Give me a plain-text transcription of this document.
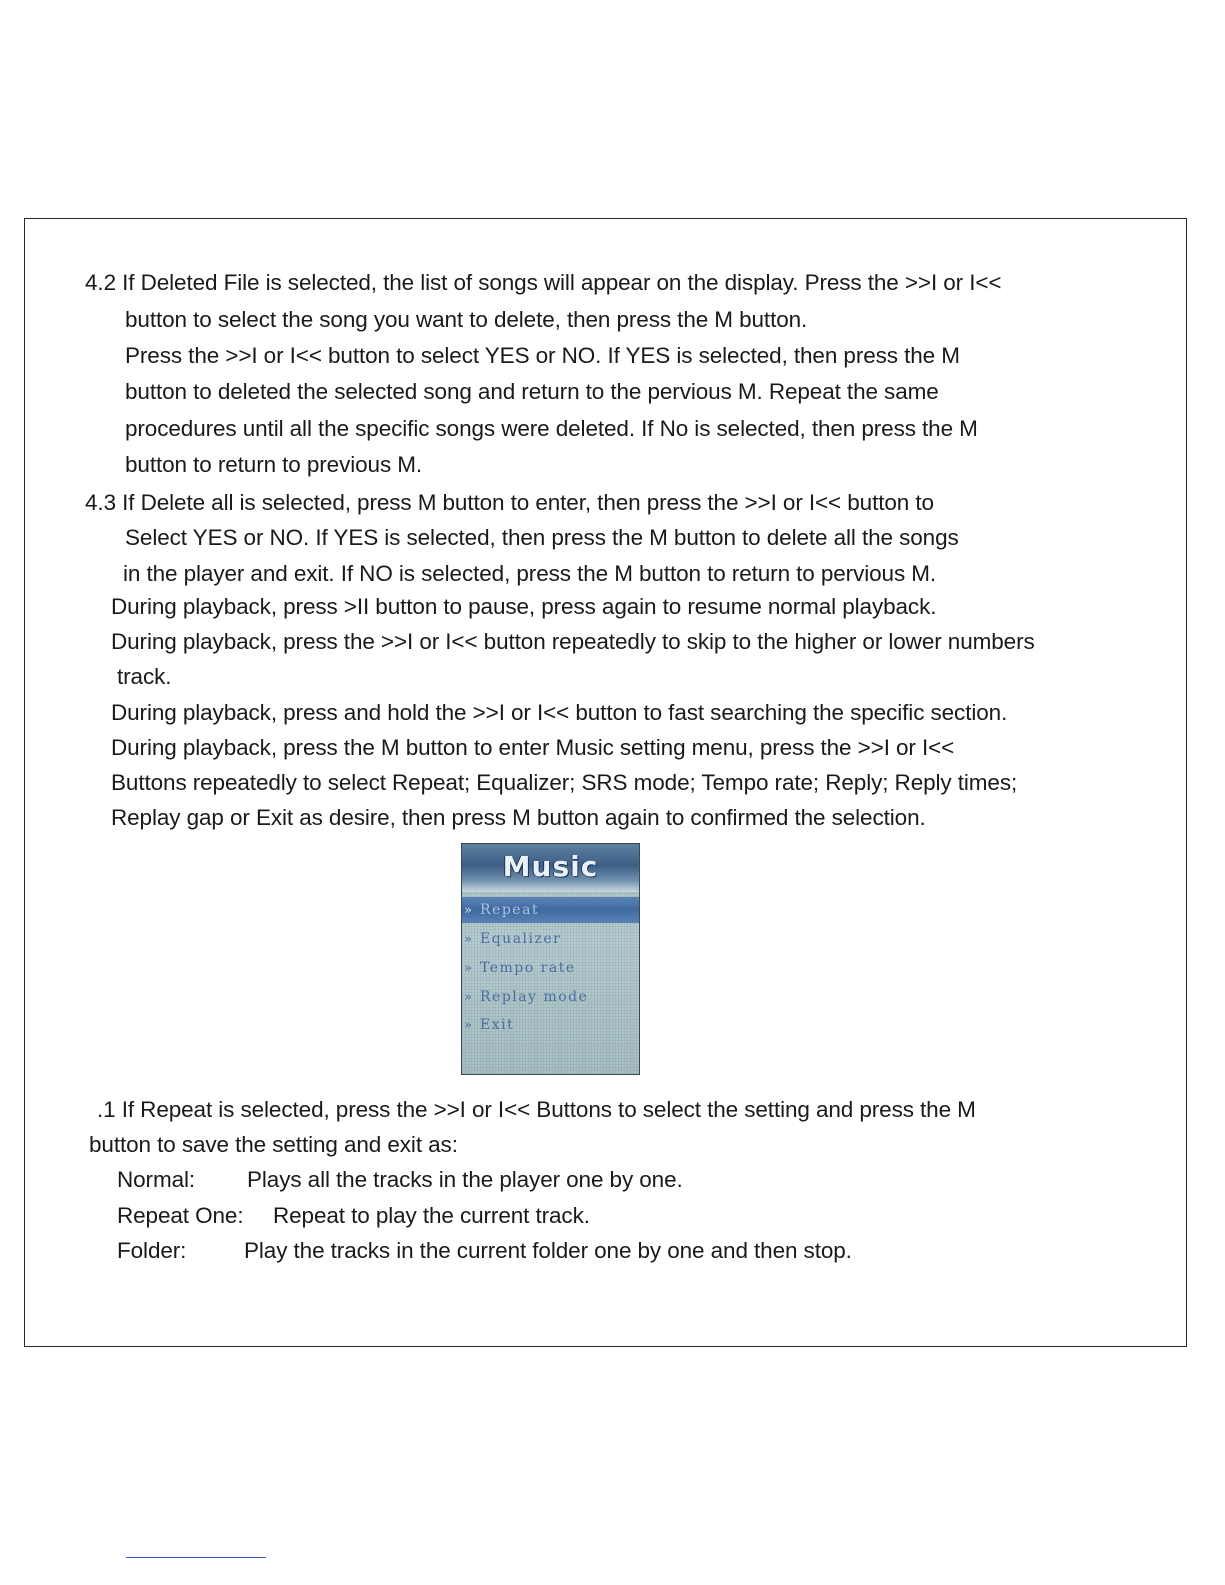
4.2 If Deleted File is selected, the list of songs will appear on the display. Press the >>I or I<<
button to select the song you want to delete, then press the M button.
Press the >>I or I<< button to select YES or NO. If YES is selected, then press the M
button to deleted the selected song and return to the pervious M. Repeat the same
procedures until all the specific songs were deleted. If No is selected, then press the M
button to return to previous M.
4.3 If Delete all is selected, press M button to enter, then press the >>I or I<< button to
Select YES or NO. If YES is selected, then press the M button to delete all the songs
in the player and exit. If NO is selected, press the M button to return to pervious M.
During playback, press >II button to pause, press again to resume normal playback.
During playback, press the >>I or I<< button repeatedly to skip to the higher or lower numbers
track.
During playback, press and hold the >>I or I<< button to fast searching the specific section.
During playback, press the M button to enter Music setting menu, press the >>I or I<<
Buttons repeatedly to select Repeat; Equalizer; SRS mode; Tempo rate; Reply; Reply times;
Replay gap or Exit as desire, then press M button again to confirmed the selection.
Music
» Repeat
» Equalizer
» Tempo rate
» Replay mode
» Exit
.1 If Repeat is selected, press the >>I or I<< Buttons to select the setting and press the M
button to save the setting and exit as:
Normal: Plays all the tracks in the player one by one.
Repeat One: Repeat to play the current track.
Folder:	Play the tracks in the current folder one by one and then stop.
